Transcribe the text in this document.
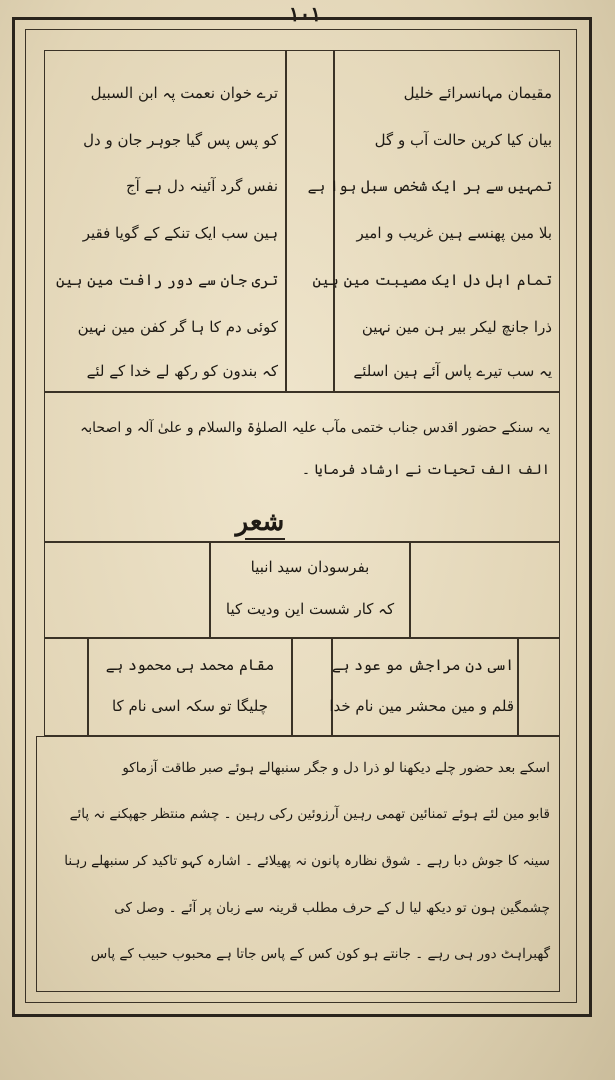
۱۰۱
مقیمان مہانسرائے خلیل
بیان کیا کرین حالت آب و گل
تمہیں سے ہر ایک شخص سبل ہوا ہے
بلا مین پھنسے ہین غریب و امیر
تمام اہل دل ایک مصیبت مین ہین
ذرا جانچ لیکر بیر ہن مین نہین
یہ سب تیرے پاس آئے ہین اسلئے
ترے خوان نعمت پہ ابن السبیل
کو پس پس گیا جوہر جان و دل
نفس گرد آئینہ دل ہے آج
ہین سب ایک تنکے کے گویا فقیر
تری جان سے دور رافت مین ہین
کوئی دم کا ہا گر کفن مین نہین
کہ بندون کو رکھ لے خدا کے لئے
یہ سنکے حضور اقدس جناب ختمی مآب علیہ الصلوٰۃ والسلام و علیٰ آلہ و اصحابہ
الف الف تحیات نے ارشاد فرمایا ۔
شعر
بفرسودان سید انبیا
کہ کار شست این ودیت کیا
اسی دن مراجش مو عود ہے
قلم و مین محشر مین نام خدا
مقام محمد ہی محمود ہے
چلیگا تو سکہ اسی نام کا
اسکے بعد حضور چلے دیکھنا لو ذرا دل و جگر سنبھالے ہوئے صبر طاقت آزماکو
قابو مین لئے ہوئے تمنائین تھمی رہین آرزوئین رکی رہین ۔ چشم منتظر جھپکنے نہ پائے
سینہ کا جوش دبا رہے ۔ شوق نظارہ پانون نہ پھیلائے ۔ اشارہ کہو تاکید کر سنبھلے رہنا
چشمگین ہون تو دیکھ لیا ل کے حرف مطلب قرینہ سے زبان پر آئے ۔ وصل کی
گھبراہٹ دور ہی رہے ۔ جانتے ہو کون کس کے پاس جاتا ہے محبوب حبیب کے پاس
